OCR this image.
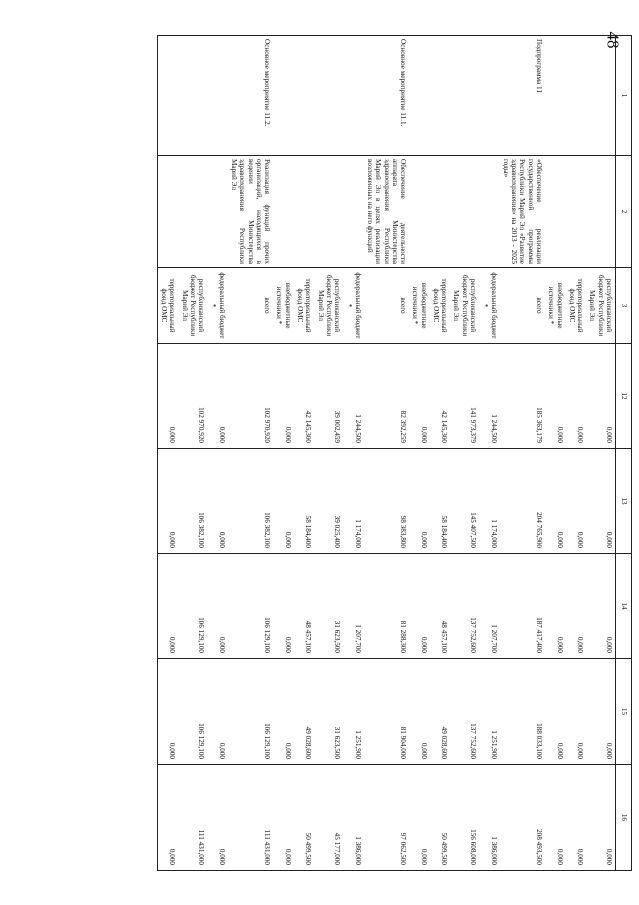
48
1	2	3	12	13	14	15	16
		республиканский бюджет Республики Марий Эл	0,000	0,000	0,000	0,000	0,000
		территориальный фонд ОМС	0,000	0,000	0,000	0,000	0,000
		внебюджетные источники *	0,000	0,000	0,000	0,000	0,000
Подпрограмма 11	«Обеспечение реализации государственной программы Республики Марий Эл «Развитие здравоохранения» на 2013 - 2025 годы»	всего	185 363,179	204 765,900	187 417,400	188 033,100	208 493,500
		федеральный бюджет *	1 244,500	1 174,000	1 207,700	1 251,900	1 386,000
		республиканский бюджет Республики Марий Эл	141 973,379	145 407,500	137 752,600	137 752,600	156 608,000
		территориальный фонд ОМС	42 145,300	58 184,400	48 457,100	49 028,600	50 499,500
		внебюджетные источники *	0,000	0,000	0,000	0,000	0,000
Основное мероприятие 11.1.	Обеспечение деятельности аппарата Министерства здравоохранения Республики Марий Эл в целях реализации возложенных на него функций	всего	82 392,259	98 383,800	81 288,300	81 904,000	97 062,500
		федеральный бюджет *	1 244,500	1 174,000	1 207,700	1 251,900	1 386,000
		республиканский бюджет Республики Марий Эл	39 002,459	39 025,400	31 623,500	31 623,500	45 177,000
		территориальный фонд ОМС	42 145,300	58 184,400	48 457,100	49 028,600	50 499,500
		внебюджетные источники *	0,000	0,000	0,000	0,000	0,000
Основное мероприятие 11.2.	Реализация функций прочих организаций, находящихся в ведении Министерства здравоохранения Республики Марий Эл	всего	102 970,920	106 382,100	106 129,100	106 129,100	111 431,000
		федеральный бюджет *	0,000	0,000	0,000	0,000	0,000
		республиканский бюджет Республики Марий Эл	102 970,920	106 382,100	106 129,100	106 129,100	111 431,000
		территориальный фонд ОМС	0,000	0,000	0,000	0,000	0,000
